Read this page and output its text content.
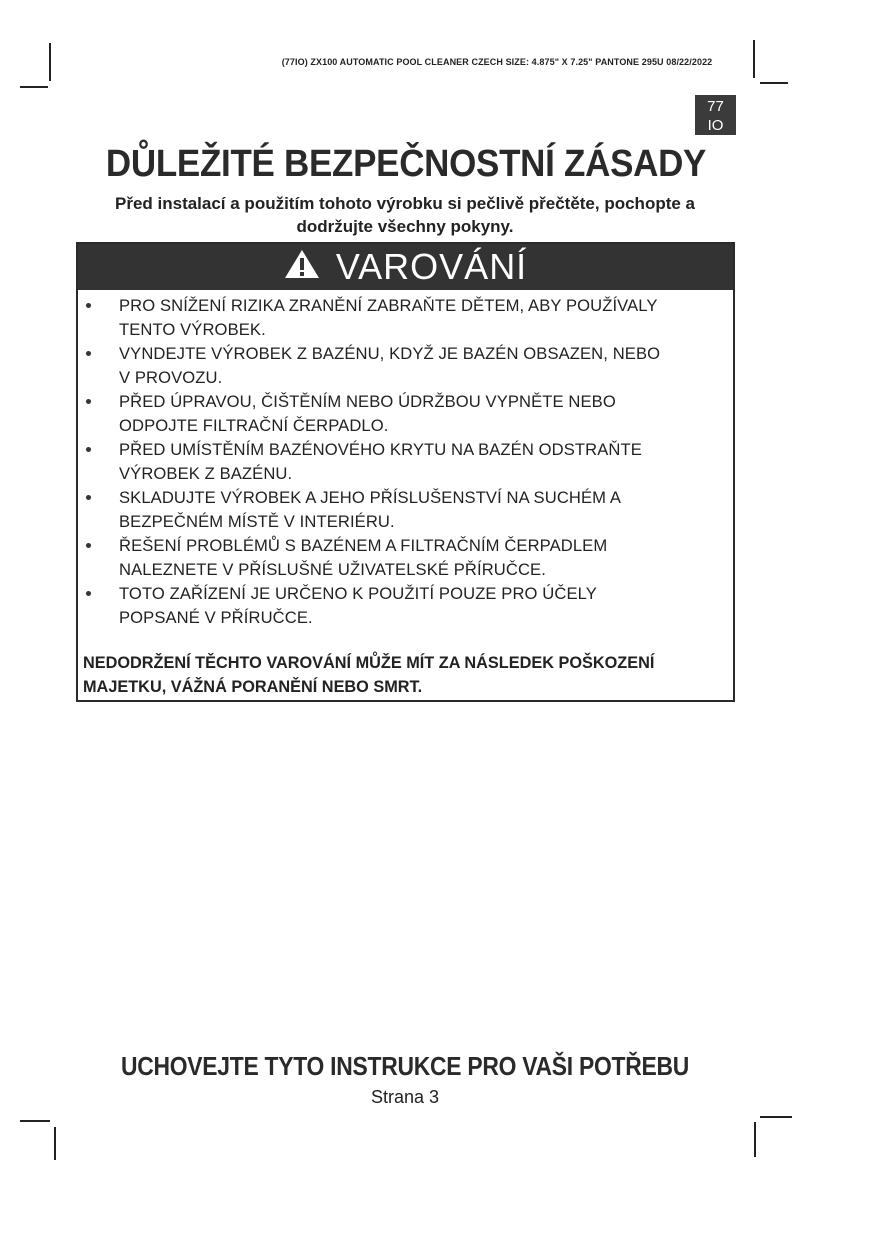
(77IO) ZX100 AUTOMATIC POOL CLEANER CZECH SIZE: 4.875" X 7.25" PANTONE 295U 08/22/2022
77
IO
DŮLEŽITÉ BEZPEČNOSTNÍ ZÁSADY
Před instalací a použitím tohoto výrobku si pečlivě přečtěte, pochopte a
dodržujte všechny pokyny.
VAROVÁNÍ
PRO SNÍŽENÍ RIZIKA ZRANĚNÍ ZABRAŇTE DĚTEM, ABY POUŽÍVALY
TENTO VÝROBEK.
VYNDEJTE VÝROBEK Z BAZÉNU, KDYŽ JE BAZÉN OBSAZEN, NEBO
V PROVOZU.
PŘED ÚPRAVOU, ČIŠTĚNÍM NEBO ÚDRŽBOU VYPNĚTE NEBO
ODPOJTE FILTRAČNÍ ČERPADLO.
PŘED UMÍSTĚNÍM BAZÉNOVÉHO KRYTU NA BAZÉN ODSTRAŇTE
VÝROBEK Z BAZÉNU.
SKLADUJTE VÝROBEK A JEHO PŘÍSLUŠENSTVÍ NA SUCHÉM A
BEZPEČNÉM MÍSTĚ V INTERIÉRU.
ŘEŠENÍ PROBLÉMŮ S BAZÉNEM A FILTRAČNÍM ČERPADLEM
NALEZNETE V PŘÍSLUŠNÉ UŽIVATELSKÉ PŘÍRUČCE.
TOTO ZAŘÍZENÍ JE URČENO K POUŽITÍ POUZE PRO ÚČELY
POPSANÉ V PŘÍRUČCE.
NEDODRŽENÍ TĚCHTO VAROVÁNÍ MŮŽE MÍT ZA NÁSLEDEK POŠKOZENÍ
MAJETKU, VÁŽNÁ PORANĚNÍ NEBO SMRT.
UCHOVEJTE TYTO INSTRUKCE PRO VAŠI POTŘEBU
Strana 3
